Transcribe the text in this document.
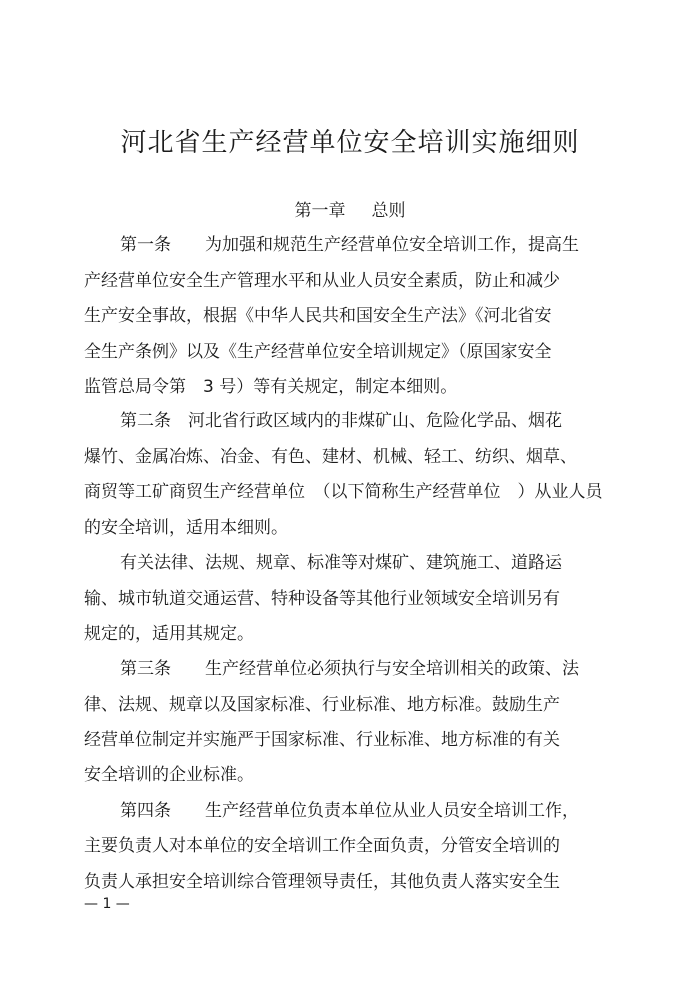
河北省生产经营单位安全培训实施细则
第一章 总则
第一条　　为加强和规范生产经营单位安全培训工作，提高生
产经营单位安全生产管理水平和从业人员安全素质，防止和减少
生产安全事故，根据《中华人民共和国安全生产法》《河北省安
全生产条例》以及《生产经营单位安全培训规定》（原国家安全
监管总局令第　3 号）等有关规定，制定本细则。
第二条　河北省行政区域内的非煤矿山、危险化学品、烟花
爆竹、金属冶炼、冶金、有色、建材、机械、轻工、纺织、烟草、
商贸等工矿商贸生产经营单位　（以下简称生产经营单位　）从业人员
的安全培训，适用本细则。
有关法律、法规、规章、标准等对煤矿、建筑施工、道路运
输、城市轨道交通运营、特种设备等其他行业领域安全培训另有
规定的，适用其规定。
第三条　　生产经营单位必须执行与安全培训相关的政策、法
律、法规、规章以及国家标准、行业标准、地方标准。鼓励生产
经营单位制定并实施严于国家标准、行业标准、地方标准的有关
安全培训的企业标准。
第四条　　生产经营单位负责本单位从业人员安全培训工作，
主要负责人对本单位的安全培训工作全面负责，分管安全培训的
负责人承担安全培训综合管理领导责任，其他负责人落实安全生
— 1 —
